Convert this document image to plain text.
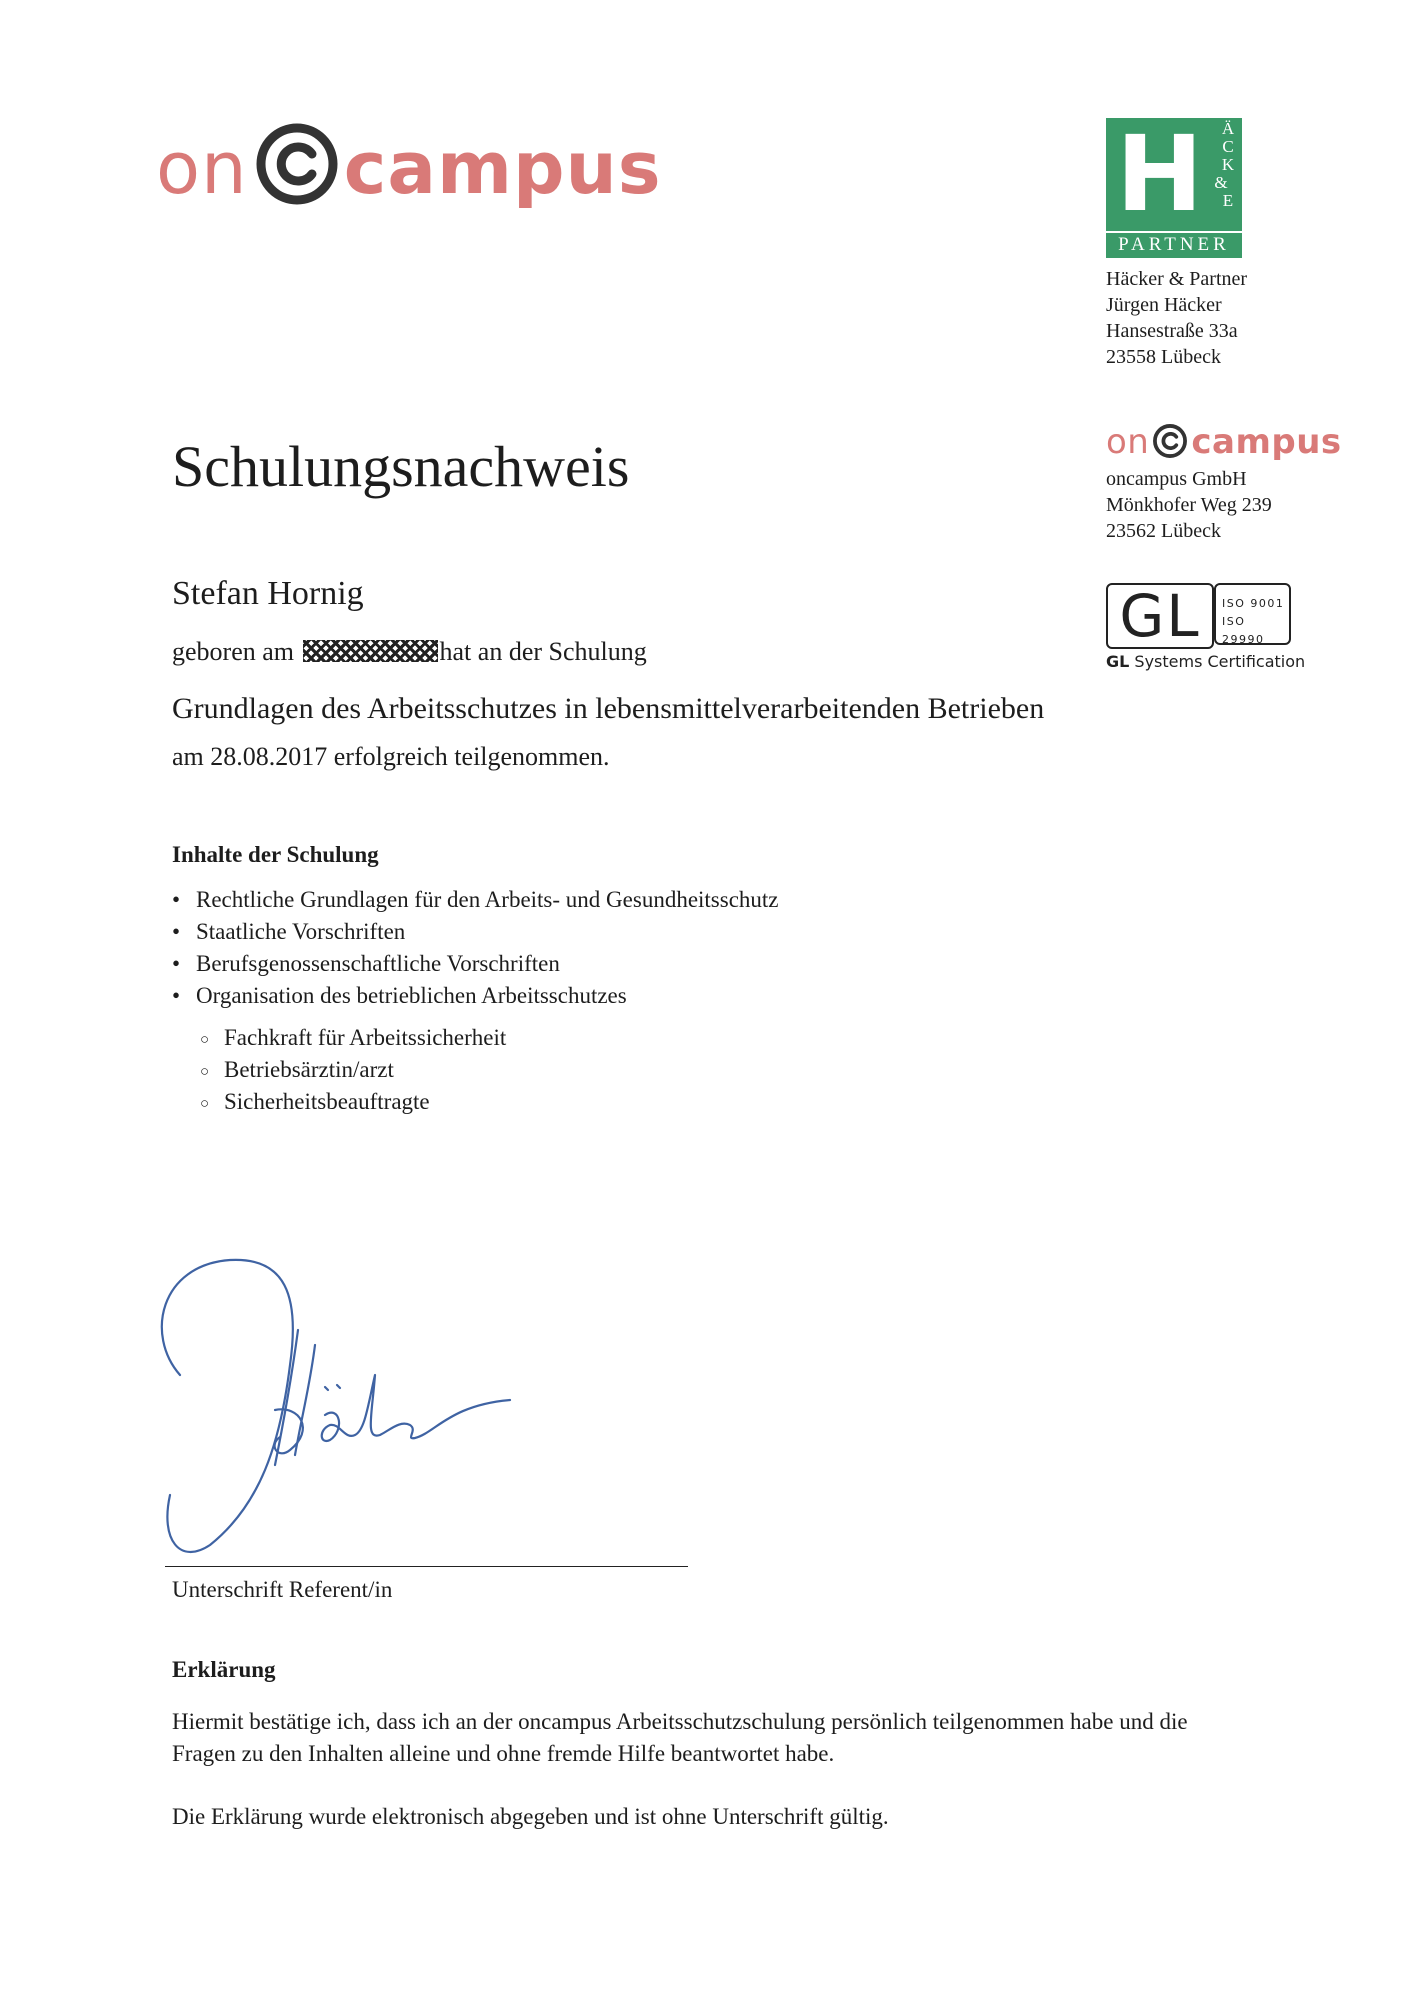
on campus	H Ä
C
K
&
E
PARTNER
Häcker & Partner
Jürgen Häcker
Hansestraße 33a
23558 Lübeck
on campus
oncampus GmbH
Mönkhofer Weg 239
23562 Lübeck
GL	ISO 9001
ISO 29990
GL Systems Certification
Schulungsnachweis
Stefan Hornig
geboren am	hat an der Schulung
Grundlagen des Arbeitsschutzes in lebensmittelverarbeitenden Betrieben
am 28.08.2017 erfolgreich teilgenommen.
Inhalte der Schulung
• Rechtliche Grundlagen für den Arbeits- und Gesundheitsschutz
• Staatliche Vorschriften
• Berufsgenossenschaftliche Vorschriften
• Organisation des betrieblichen Arbeitsschutzes
○ Fachkraft für Arbeitssicherheit
○ Betriebsärztin/arzt
○ Sicherheitsbeauftragte
Unterschrift Referent/in
Erklärung
Hiermit bestätige ich, dass ich an der oncampus Arbeitsschutzschulung persönlich teilgenommen habe und die Fragen zu den Inhalten alleine und ohne fremde Hilfe beantwortet habe.
Die Erklärung wurde elektronisch abgegeben und ist ohne Unterschrift gültig.
